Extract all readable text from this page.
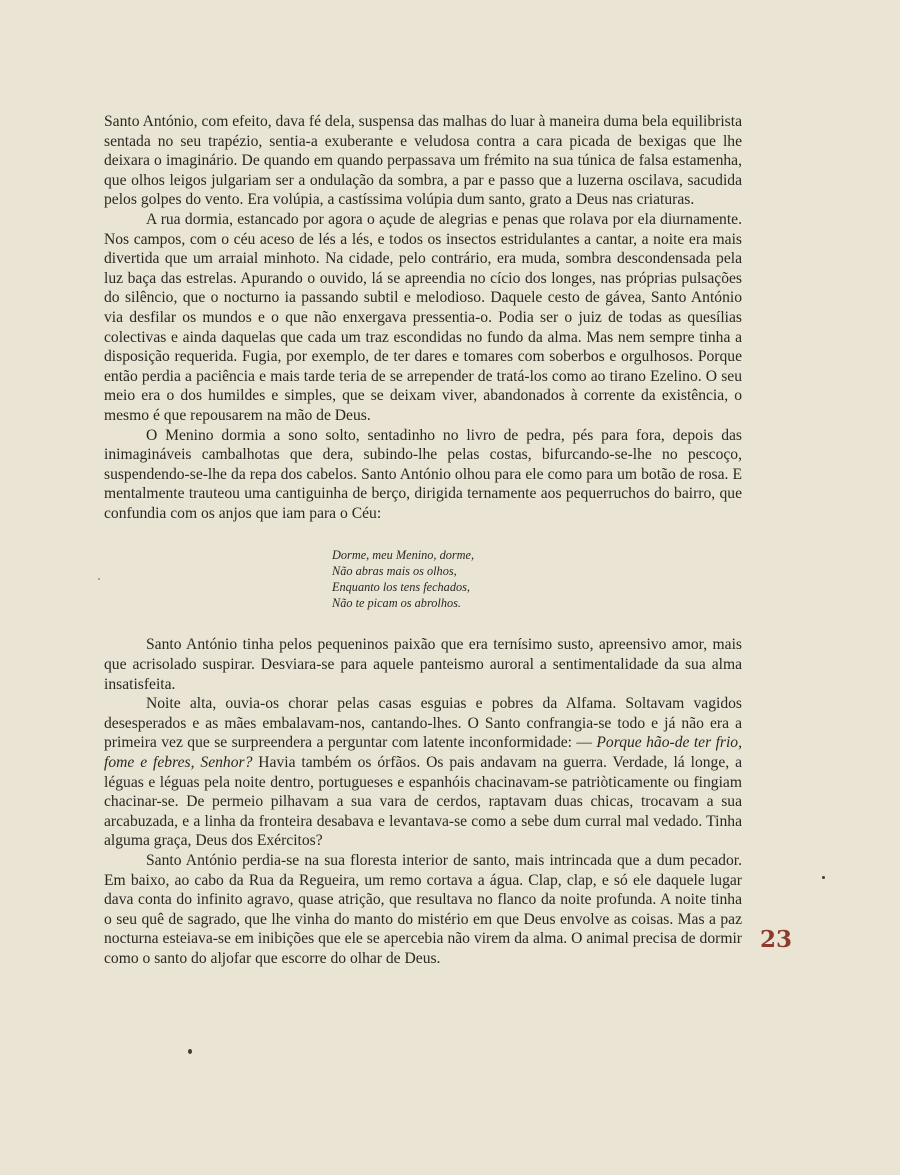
Santo António, com efeito, dava fé dela, suspensa das malhas do luar à maneira duma bela equilibrista sentada no seu trapézio, sentia-a exuberante e veludosa contra a cara picada de bexigas que lhe deixara o imaginário. De quando em quando perpassava um frémito na sua túnica de falsa estamenha, que olhos leigos julgariam ser a ondulação da sombra, a par e passo que a luzerna oscilava, sacudida pelos golpes do vento. Era volúpia, a castíssima volúpia dum santo, grato a Deus nas criaturas.

A rua dormia, estancado por agora o açude de alegrias e penas que rolava por ela diurnamente. Nos campos, com o céu aceso de lés a lés, e todos os insectos estridulantes a cantar, a noite era mais divertida que um arraial minhoto. Na cidade, pelo contrário, era muda, sombra descondensada pela luz baça das estrelas. Apurando o ouvido, lá se apreendia no cício dos longes, nas próprias pulsações do silêncio, que o nocturno ia passando subtil e melodioso. Daquele cesto de gávea, Santo António via desfilar os mundos e o que não enxergava pressentia-o. Podia ser o juiz de todas as quesílias colectivas e ainda daquelas que cada um traz escondidas no fundo da alma. Mas nem sempre tinha a disposição requerida. Fugia, por exemplo, de ter dares e tomares com soberbos e orgulhosos. Porque então perdia a paciência e mais tarde teria de se arrepender de tratá-los como ao tirano Ezelino. O seu meio era o dos humildes e simples, que se deixam viver, abandonados à corrente da existência, o mesmo é que repousarem na mão de Deus.

O Menino dormia a sono solto, sentadinho no livro de pedra, pés para fora, depois das inimagináveis cambalhotas que dera, subindo-lhe pelas costas, bifurcando-se-lhe no pescoço, suspendendo-se-lhe da repa dos cabelos. Santo António olhou para ele como para um botão de rosa. E mentalmente trauteou uma cantiguinha de berço, dirigida ternamente aos pequerruchos do bairro, que confundia com os anjos que iam para o Céu:

Dorme, meu Menino, dorme,
Não abras mais os olhos,
Enquanto los tens fechados,
Não te picam os abrolhos.

Santo António tinha pelos pequeninos paixão que era ternísimo susto, apreensivo amor, mais que acrisolado suspirar. Desviara-se para aquele panteismo auroral a sentimentalidade da sua alma insatisfeita.

Noite alta, ouvia-os chorar pelas casas esguias e pobres da Alfama. Soltavam vagidos desesperados e as mães embalavam-nos, cantando-lhes. O Santo confrangia-se todo e já não era a primeira vez que se surpreendera a perguntar com latente inconformidade: — Porque hão-de ter frio, fome e febres, Senhor? Havia também os órfãos. Os pais andavam na guerra. Verdade, lá longe, a léguas e léguas pela noite dentro, portugueses e espanhóis chacinavam-se patriòticamente ou fingiam chacinar-se. De permeio pilhavam a sua vara de cerdos, raptavam duas chicas, trocavam a sua arcabuzada, e a linha da fronteira desabava e levantava-se como a sebe dum curral mal vedado. Tinha alguma graça, Deus dos Exércitos?

Santo António perdia-se na sua floresta interior de santo, mais intrincada que a dum pecador. Em baixo, ao cabo da Rua da Regueira, um remo cortava a água. Clap, clap, e só ele daquele lugar dava conta do infinito agravo, quase atrição, que resultava no flanco da noite profunda. A noite tinha o seu quê de sagrado, que lhe vinha do manto do mistério em que Deus envolve as coisas. Mas a paz nocturna esteiava-se em inibições que ele se apercebia não virem da alma. O animal precisa de dormir como o santo do aljofar que escorre do olhar de Deus.

23
